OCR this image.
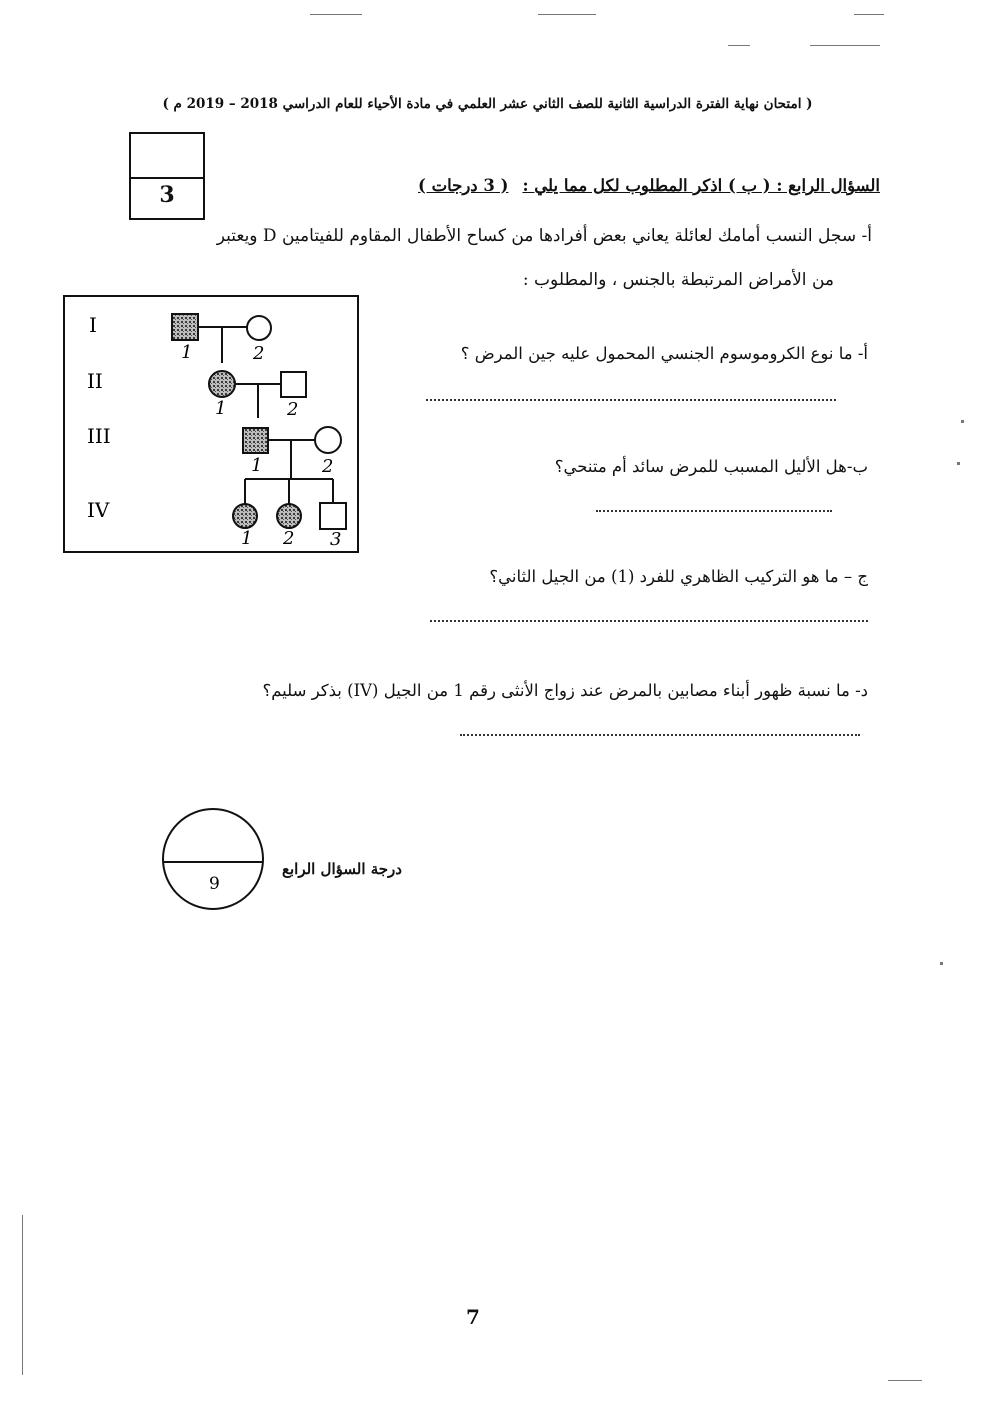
( امتحان نهاية الفترة الدراسية الثانية للصف الثاني عشر العلمي في مادة الأحياء للعام الدراسي 2018 – 2019 م )
3	السؤال الرابع : ( ب ) اذكر المطلوب لكل مما يلي :( 3 درجات )
أ- سجل النسب أمامك لعائلة يعاني بعض أفرادها من كساح الأطفال المقاوم للفيتامين D ويعتبر
من الأمراض المرتبطة بالجنس ، والمطلوب :
I
II
III
IV
1	2
1	2
1	2
1 2 3
أ- ما نوع الكروموسوم الجنسي المحمول عليه جين المرض ؟
ب-هل الأليل المسبب للمرض سائد أم متنحي؟
ج – ما هو التركيب الظاهري للفرد (1) من الجيل الثاني؟
د- ما نسبة ظهور أبناء مصابين بالمرض عند زواج الأنثى رقم 1 من الجيل (IV) بذكر سليم؟
9
درجة السؤال الرابع
7
